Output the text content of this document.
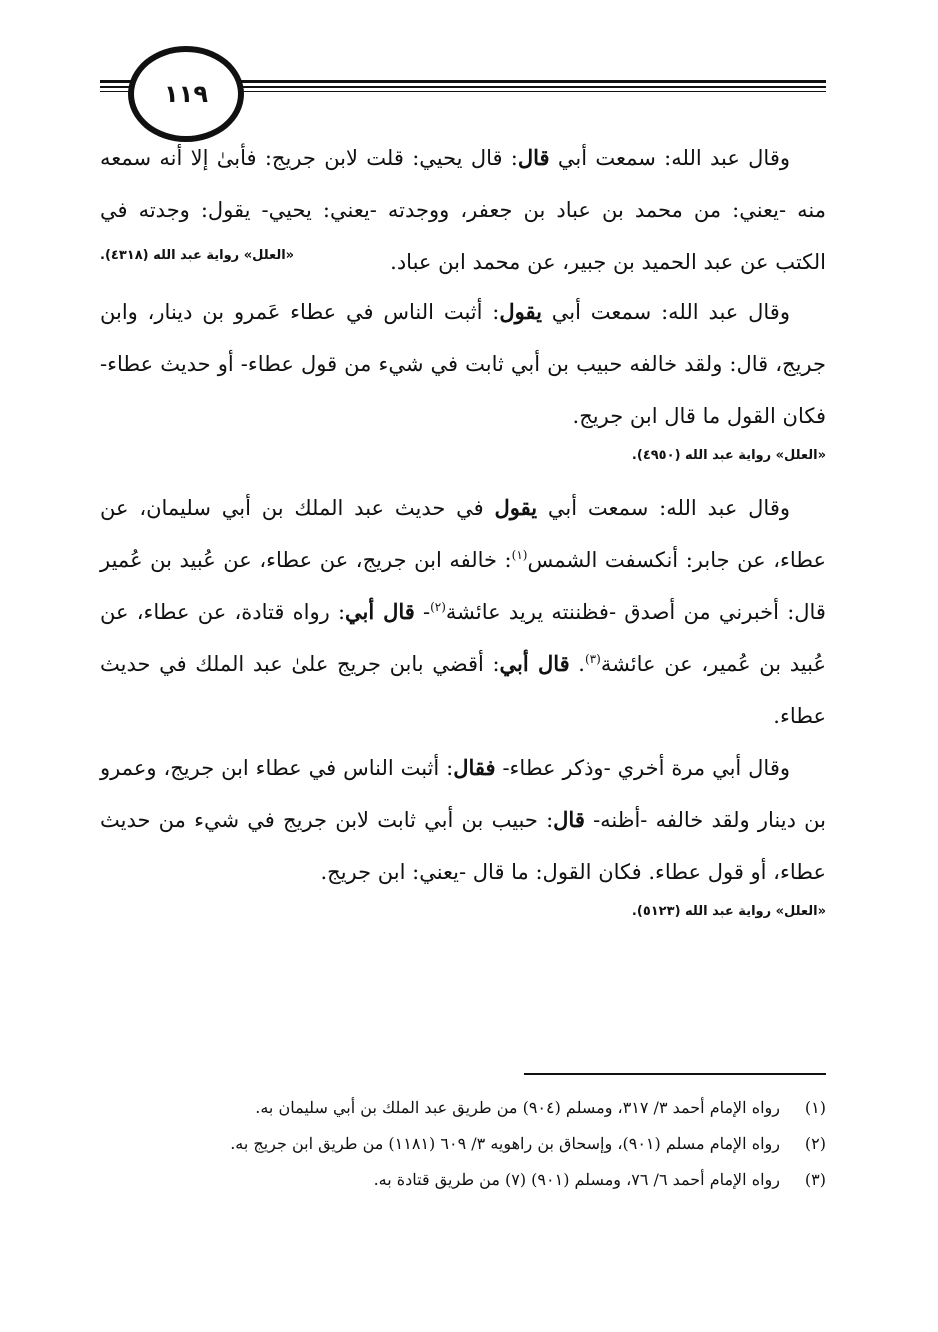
١١٩

وقال عبد الله: سمعت أبي قال: قال يحيي: قلت لابن جريج: فأبىٰ إلا أنه سمعه منه -يعني: من محمد بن عباد بن جعفر، ووجدته -يعني: يحيي- يقول: وجدته في الكتب عن عبد الحميد بن جبير، عن محمد ابن عباد.

«العلل» رواية عبد الله (٤٣١٨).

وقال عبد الله: سمعت أبي يقول: أثبت الناس في عطاء عَمرو بن دينار، وابن جريج، قال: ولقد خالفه حبيب بن أبي ثابت في شيء من قول عطاء- أو حديث عطاء- فكان القول ما قال ابن جريج.

«العلل» رواية عبد الله (٤٩٥٠).

وقال عبد الله: سمعت أبي يقول في حديث عبد الملك بن أبي سليمان، عن عطاء، عن جابر: أنكسفت الشمس$^{(١)}$: خالفه ابن جريج، عن عطاء، عن عُبيد بن عُمير قال: أخبرني من أصدق -فظننته يريد عائشة$^{(٢)}$- قال أبي: رواه قتادة، عن عطاء، عن عُبيد بن عُمير، عن عائشة$^{(٣)}$. قال أبي: أقضي بابن جريج علىٰ عبد الملك في حديث عطاء.

وقال أبي مرة أخري -وذكر عطاء- فقال: أثبت الناس في عطاء ابن جريج، وعمرو بن دينار ولقد خالفه -أظنه- قال: حبيب بن أبي ثابت لابن جريج في شيء من حديث عطاء، أو قول عطاء. فكان القول: ما قال -يعني: ابن جريج.

«العلل» رواية عبد الله (٥١٢٣).

(١)
رواه الإمام أحمد ٣/ ٣١٧، ومسلم (٩٠٤) من طريق عبد الملك بن أبي سليمان به.
(٢)
رواه الإمام مسلم (٩٠١)، وإسحاق بن راهويه ٣/ ٦٠٩ (١١٨١) من طريق ابن جريج به.
(٣)
رواه الإمام أحمد ٦/ ٧٦، ومسلم (٩٠١) (٧) من طريق قتادة به.
